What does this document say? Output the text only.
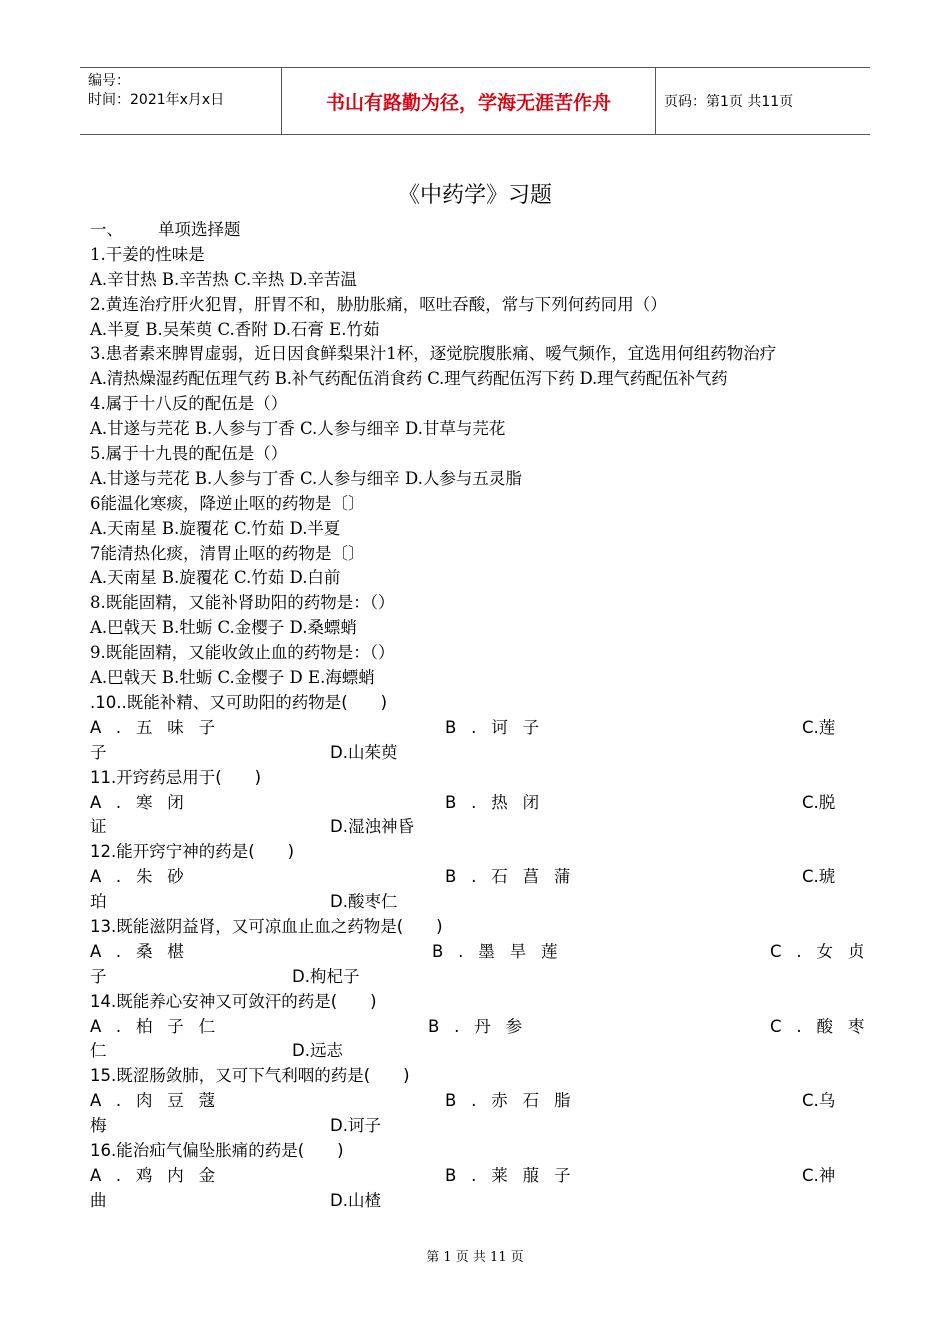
编号：
时间：2021年x月x日	书山有路勤为径，学海无涯苦作舟	页码：第1页 共11页
《中药学》习题
一、	单项选择题
1.干姜的性味是
A.辛甘热 B.辛苦热 C.辛热 D.辛苦温
2.黄连治疗肝火犯胃，肝胃不和，胁肋胀痛，呕吐吞酸，常与下列何药同用（）
A.半夏 B.吴茱萸 C.香附 D.石膏 E.竹茹
3.患者素来脾胃虚弱，近日因食鲜梨果汁1杯，逐觉脘腹胀痛、嗳气频作，宜选用何组药物治疗
A.清热燥湿药配伍理气药 B.补气药配伍消食药 C.理气药配伍泻下药 D.理气药配伍补气药
4.属于十八反的配伍是（）
A.甘遂与芫花 B.人参与丁香 C.人参与细辛 D.甘草与芫花
5.属于十九畏的配伍是（）
A.甘遂与芫花 B.人参与丁香 C.人参与细辛 D.人参与五灵脂
6能温化寒痰，降逆止呕的药物是〔〕
A.天南星 B.旋覆花 C.竹茹 D.半夏
7能清热化痰，清胃止呕的药物是〔〕
A.天南星 B.旋覆花 C.竹茹 D.白前
8.既能固精，又能补肾助阳的药物是：（）
A.巴戟天 B.牡蛎 C.金樱子 D.桑螵蛸
9.既能固精，又能收敛止血的药物是：（）
A.巴戟天 B.牡蛎 C.金樱子 D E.海螵蛸
.10..既能补精、又可助阳的药物是(　　)
A.五味子	B.诃子	C.莲
子	D.山茱萸
11.开窍药忌用于(　　)
A.寒闭	B.热闭	C.脱
证	D.湿浊神昏
12.能开窍宁神的药是(　　)
A.朱砂	B.石菖蒲	C.琥
珀	D.酸枣仁
13.既能滋阴益肾，又可凉血止血之药物是(　　)
A.桑椹	B.墨旱莲	C.女贞
子	D.枸杞子
14.既能养心安神又可敛汗的药是(　　)
A.柏子仁	B.丹参	C.酸枣
仁	D.远志
15.既涩肠敛肺，又可下气利咽的药是(　　)
A.肉豆蔻	B.赤石脂	C.乌
梅	D.诃子
16.能治疝气偏坠胀痛的药是(　　)
A.鸡内金	B.莱菔子	C.神
曲	D.山楂
第 1 页 共 11 页
